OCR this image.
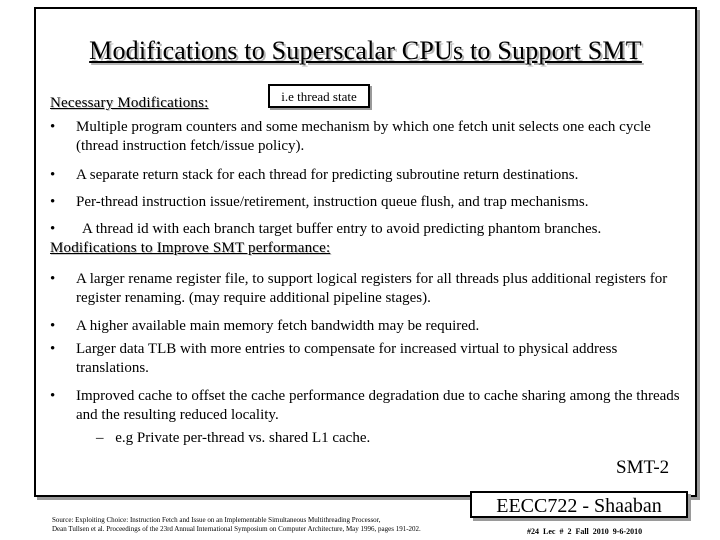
Modifications to Superscalar CPUs to Support SMT
i.e thread state
Necessary Modifications:
•	Multiple program counters and some mechanism by which one fetch unit selects one each cycle (thread instruction fetch/issue policy).
•	A separate return stack for each thread for predicting subroutine return destinations.
•	Per-thread instruction issue/retirement, instruction queue flush, and trap mechanisms.
•	A thread id with each branch target buffer entry to avoid predicting phantom branches.
Modifications to Improve SMT performance:
•	A larger rename register file, to support logical registers for all threads plus additional registers for register renaming. (may require additional pipeline stages).
•	A higher available main memory fetch bandwidth may be required.
•	Larger data TLB with more entries to compensate for increased virtual to physical address translations.
•	Improved cache to offset the cache performance degradation due to cache sharing among the threads and the resulting reduced locality.
– e.g Private per-thread vs. shared L1 cache.
SMT-2
EECC722 - Shaaban
Source: Exploiting Choice: Instruction Fetch and Issue on an Implementable Simultaneous Multithreading Processor,
Dean Tullsen et al. Proceedings of the 23rd Annual International Symposium on Computer Architecture, May 1996, pages 191-202.	#24 Lec # 2 Fall 2010 9-6-2010
